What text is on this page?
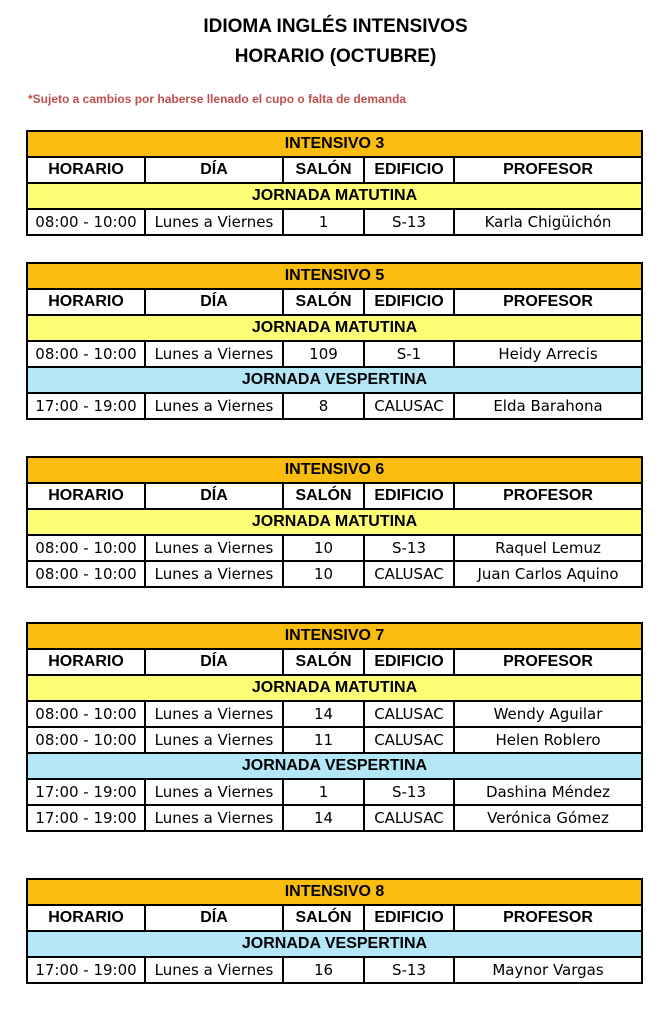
IDIOMA INGLÉS INTENSIVOS
HORARIO (OCTUBRE)
*Sujeto a cambios por haberse llenado el cupo o falta de demanda
INTENSIVO 3				
HORARIO	DÍA	SALÓN	EDIFICIO	PROFESOR
JORNADA MATUTINA				
08:00 - 10:00	Lunes a Viernes	1	S-13	Karla Chigüichón
INTENSIVO 5				
HORARIO	DÍA	SALÓN	EDIFICIO	PROFESOR
JORNADA MATUTINA				
08:00 - 10:00	Lunes a Viernes	109	S-1	Heidy Arrecis
JORNADA VESPERTINA				
17:00 - 19:00	Lunes a Viernes	8	CALUSAC	Elda Barahona
INTENSIVO 6				
HORARIO	DÍA	SALÓN	EDIFICIO	PROFESOR
JORNADA MATUTINA				
08:00 - 10:00	Lunes a Viernes	10	S-13	Raquel Lemuz
08:00 - 10:00	Lunes a Viernes	10	CALUSAC	Juan Carlos Aquino
INTENSIVO 7				
HORARIO	DÍA	SALÓN	EDIFICIO	PROFESOR
JORNADA MATUTINA				
08:00 - 10:00	Lunes a Viernes	14	CALUSAC	Wendy Aguilar
08:00 - 10:00	Lunes a Viernes	11	CALUSAC	Helen Roblero
JORNADA VESPERTINA				
17:00 - 19:00	Lunes a Viernes	1	S-13	Dashina Méndez
17:00 - 19:00	Lunes a Viernes	14	CALUSAC	Verónica Gómez
INTENSIVO 8				
HORARIO	DÍA	SALÓN	EDIFICIO	PROFESOR
JORNADA VESPERTINA				
17:00 - 19:00	Lunes a Viernes	16	S-13	Maynor Vargas
